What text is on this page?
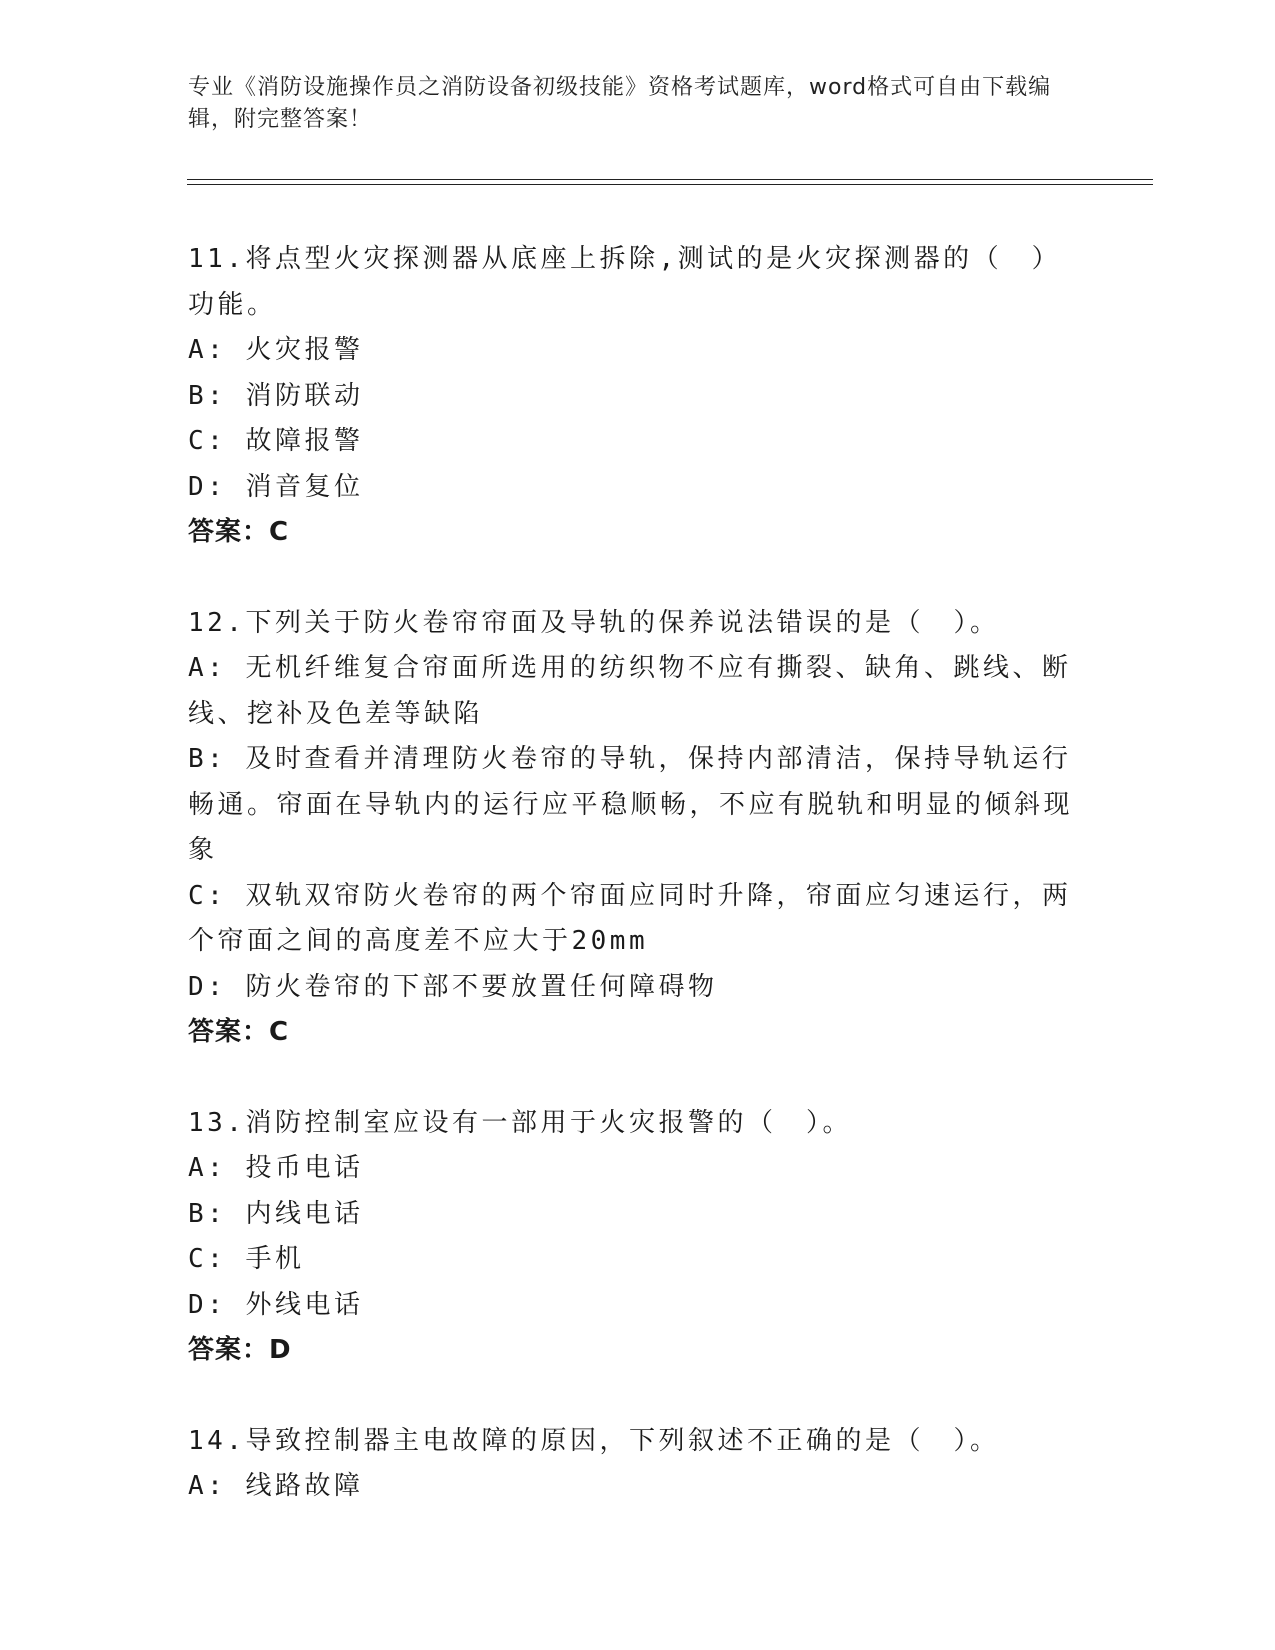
专业《消防设施操作员之消防设备初级技能》资格考试题库，word格式可自由下载编辑，附完整答案！

11.将点型火灾探测器从底座上拆除,测试的是火灾探测器的（　）功能。

A: 火灾报警

B: 消防联动

C: 故障报警

D: 消音复位

答案：C

12.下列关于防火卷帘帘面及导轨的保养说法错误的是（　）。

A: 无机纤维复合帘面所选用的纺织物不应有撕裂、缺角、跳线、断线、挖补及色差等缺陷

B: 及时查看并清理防火卷帘的导轨，保持内部清洁，保持导轨运行畅通。帘面在导轨内的运行应平稳顺畅，不应有脱轨和明显的倾斜现象

C: 双轨双帘防火卷帘的两个帘面应同时升降，帘面应匀速运行，两个帘面之间的高度差不应大于20mm

D: 防火卷帘的下部不要放置任何障碍物

答案：C

13.消防控制室应设有一部用于火灾报警的（　）。

A: 投币电话

B: 内线电话

C: 手机

D: 外线电话

答案：D

14.导致控制器主电故障的原因，下列叙述不正确的是（　）。

A: 线路故障
